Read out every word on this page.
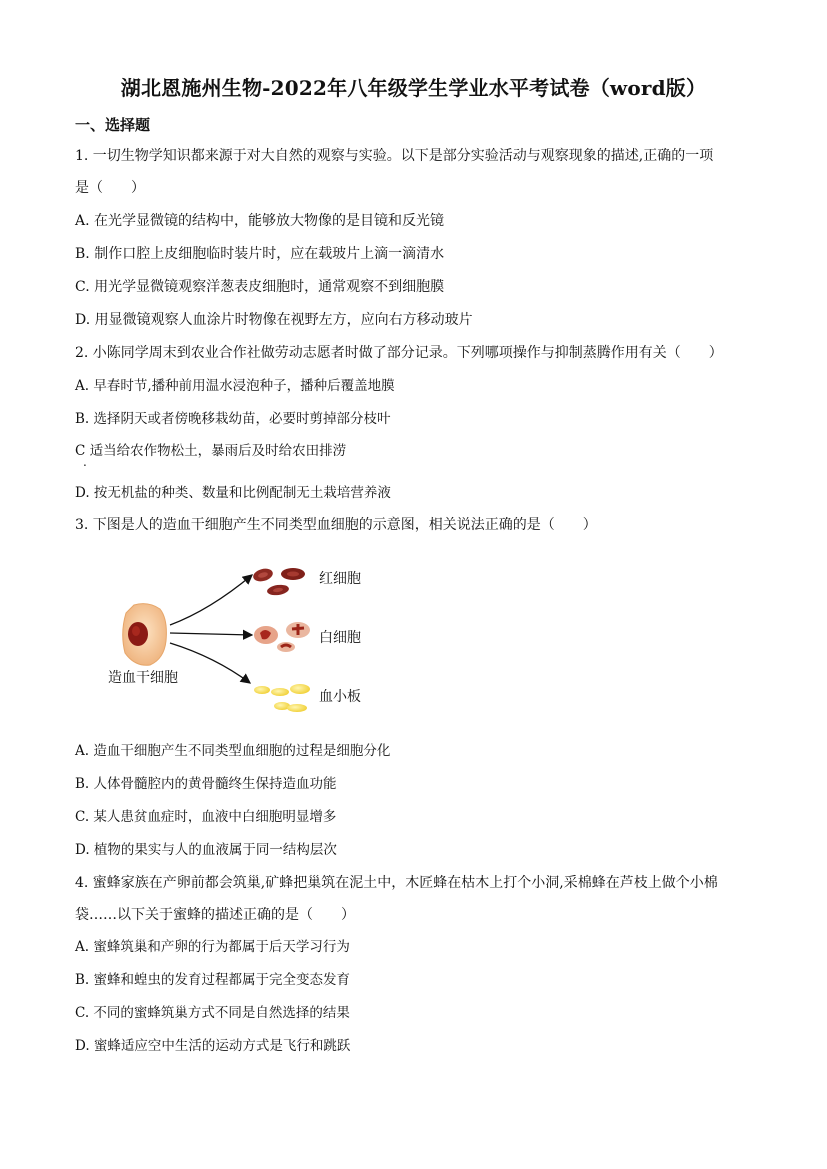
湖北恩施州生物-2022年八年级学生学业水平考试卷（word版）
一、选择题
1. 一切生物学知识都来源于对大自然的观察与实验。以下是部分实验活动与观察现象的描述,正确的一项
是（　　）
A. 在光学显微镜的结构中，能够放大物像的是目镜和反光镜
B. 制作口腔上皮细胞临时装片时，应在载玻片上滴一滴清水
C. 用光学显微镜观察洋葱表皮细胞时，通常观察不到细胞膜
D. 用显微镜观察人血涂片时物像在视野左方，应向右方移动玻片
2. 小陈同学周末到农业合作社做劳动志愿者时做了部分记录。下列哪项操作与抑制蒸腾作用有关（　　）
A. 早春时节,播种前用温水浸泡种子，播种后覆盖地膜
B. 选择阴天或者傍晚移栽幼苗，必要时剪掉部分枝叶
C 适当给农作物松土，暴雨后及时给农田排涝
.
D. 按无机盐的种类、数量和比例配制无土栽培营养液
3. 下图是人的造血干细胞产生不同类型血细胞的示意图，相关说法正确的是（　　）
造血干细胞
红细胞
白细胞
血小板
A. 造血干细胞产生不同类型血细胞的过程是细胞分化
B. 人体骨髓腔内的黄骨髓终生保持造血功能
C. 某人患贫血症时，血液中白细胞明显增多
D. 植物的果实与人的血液属于同一结构层次
4. 蜜蜂家族在产卵前都会筑巢,矿蜂把巢筑在泥土中，木匠蜂在枯木上打个小洞,采棉蜂在芦枝上做个小棉
袋……以下关于蜜蜂的描述正确的是（　　）
A. 蜜蜂筑巢和产卵的行为都属于后天学习行为
B. 蜜蜂和蝗虫的发育过程都属于完全变态发育
C. 不同的蜜蜂筑巢方式不同是自然选择的结果
D. 蜜蜂适应空中生活的运动方式是飞行和跳跃
